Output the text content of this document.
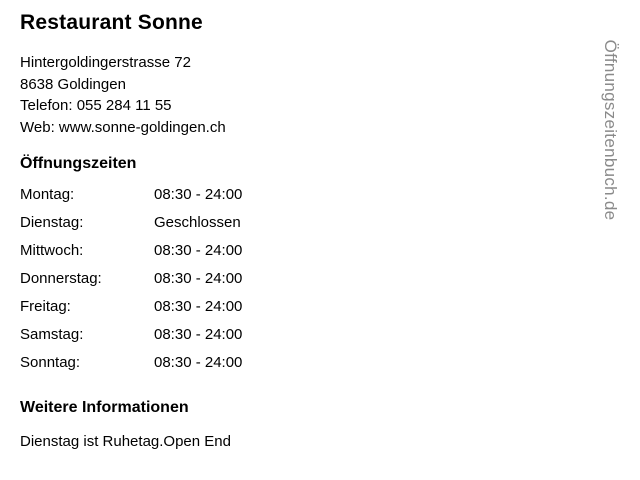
Restaurant Sonne
Hintergoldingerstrasse 72
8638 Goldingen
Telefon: 055 284 11 55
Web: www.sonne-goldingen.ch
Öffnungszeiten
Montag:	08:30 - 24:00
Dienstag:	Geschlossen
Mittwoch:	08:30 - 24:00
Donnerstag:	08:30 - 24:00
Freitag:	08:30 - 24:00
Samstag:	08:30 - 24:00
Sonntag:	08:30 - 24:00
Weitere Informationen
Dienstag ist Ruhetag.Open End
Öffnungszeitenbuch.de
